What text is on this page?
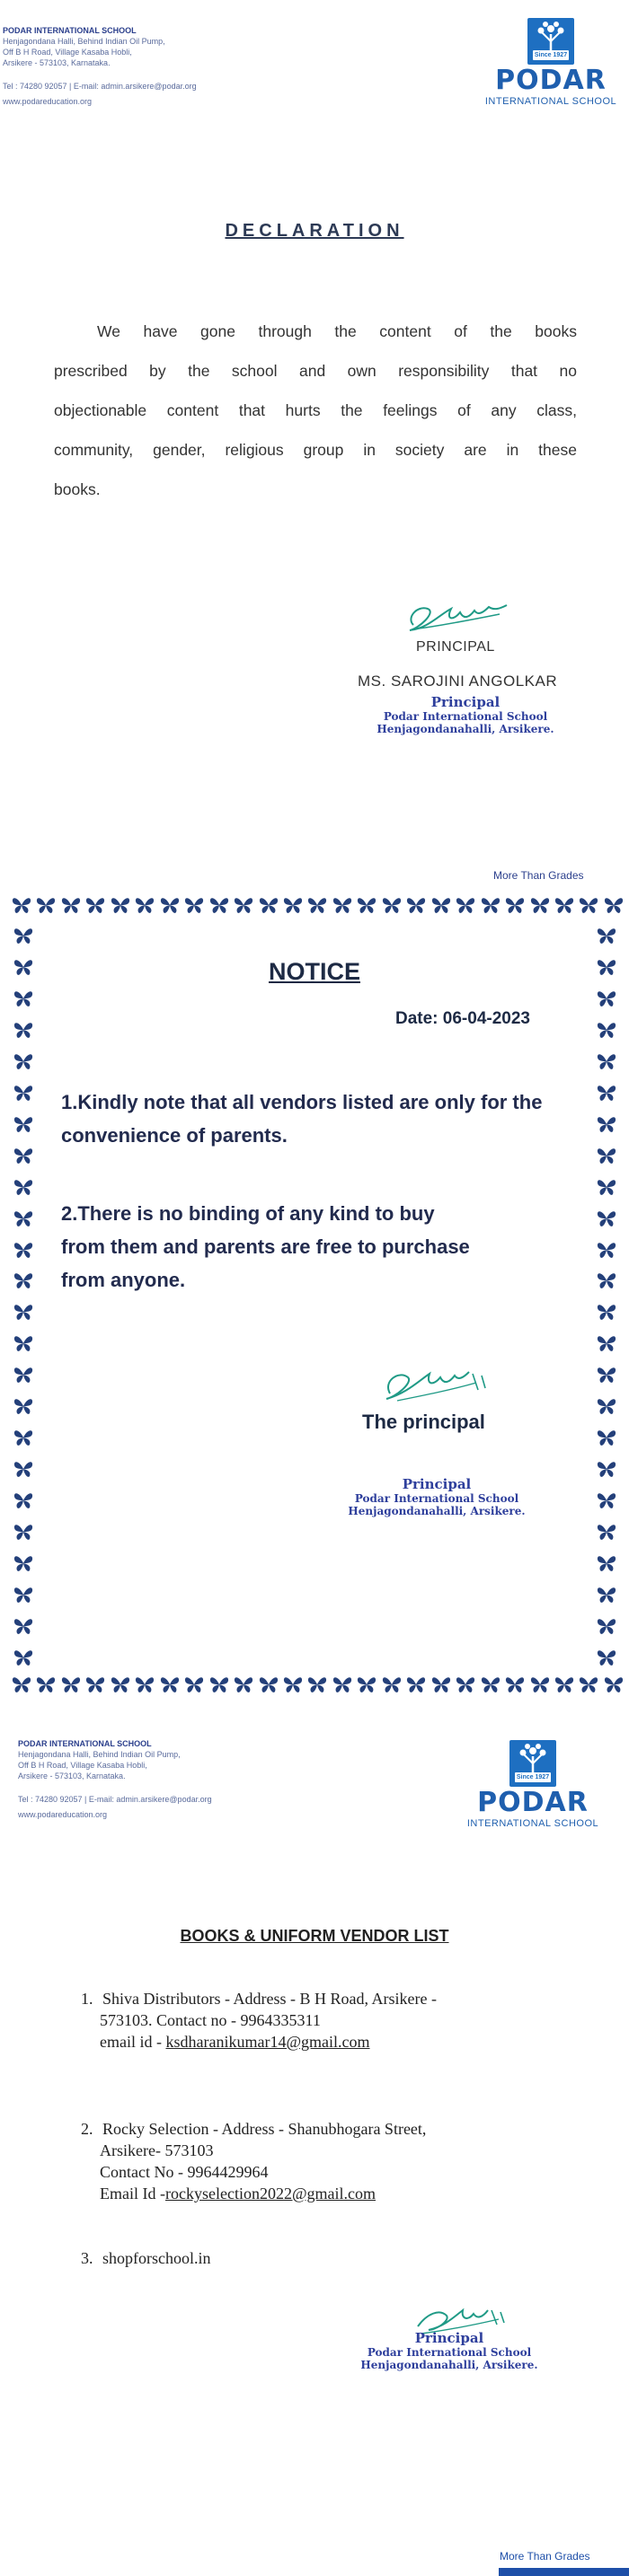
PODAR INTERNATIONAL SCHOOL
Henjagondana Halli, Behind Indian Oil Pump,
Off B H Road, Village Kasaba Hobli,
Arsikere - 573103, Karnataka.
Tel : 74280 92057 | E-mail: admin.arsikere@podar.org
www.podareducation.org
Since 1927
PODAR
INTERNATIONAL SCHOOL
DECLARATION
We have gone through the content of the books
prescribed by the school and own responsibility that no
objectionable content that hurts the feelings of any class,
community, gender, religious group in society are in these
books.
PRINCIPAL
MS. SAROJINI ANGOLKAR
Principal
Podar International School
Henjagondanahalli, Arsikere.
More Than Grades
NOTICE
Date: 06-04-2023
1.Kindly note that all vendors listed are only for the convenience of parents.
2.There is no binding of any kind to buy from them and parents are free to purchase from anyone.
The principal
Principal
Podar International School
Henjagondanahalli, Arsikere.
PODAR INTERNATIONAL SCHOOL
Henjagondana Halli, Behind Indian Oil Pump,
Off B H Road, Village Kasaba Hobli,
Arsikere - 573103, Karnataka.
Tel : 74280 92057 | E-mail: admin.arsikere@podar.org
www.podareducation.org
Since 1927
PODAR
INTERNATIONAL SCHOOL
BOOKS & UNIFORM VENDOR LIST
1. Shiva Distributors - Address - B H Road, Arsikere -
573103. Contact no - 9964335311
email id - ksdharanikumar14@gmail.com
2. Rocky Selection - Address - Shanubhogara Street,
Arsikere- 573103
Contact No - 9964429964
Email Id -rockyselection2022@gmail.com
3. shopforschool.in
Principal
Podar International School
Henjagondanahalli, Arsikere.
More Than Grades
